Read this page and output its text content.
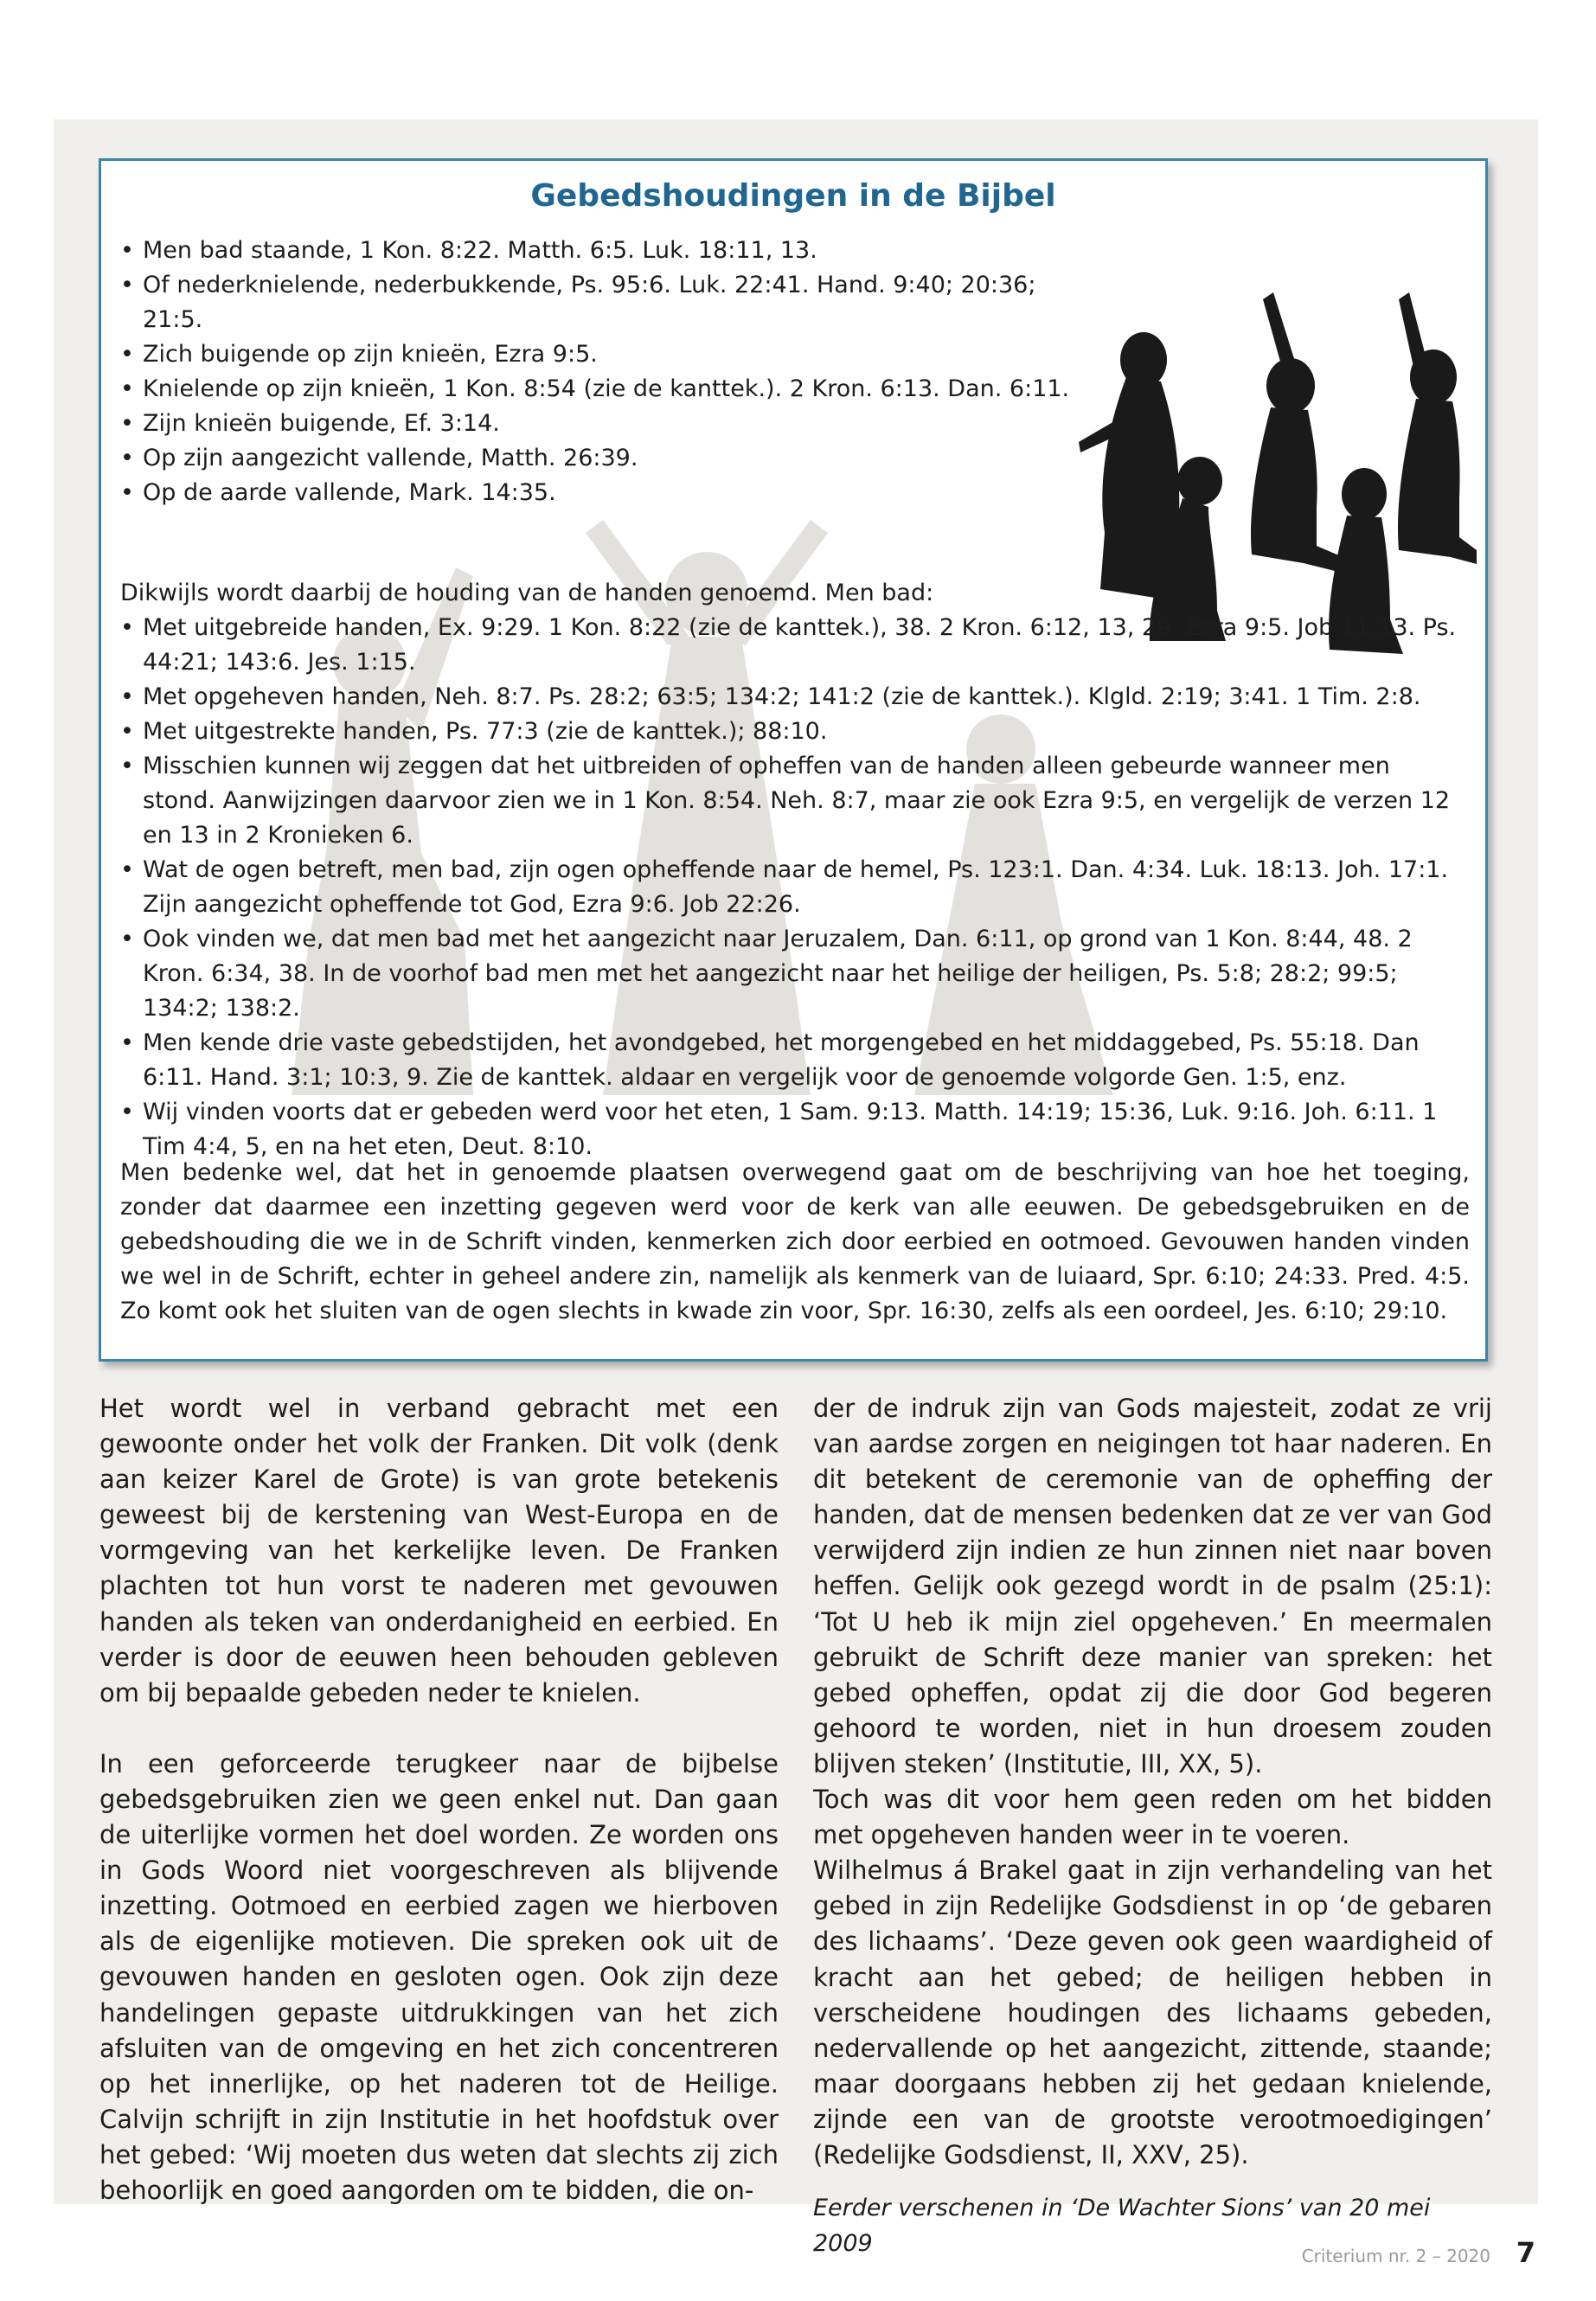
Gebedshoudingen in de Bijbel
• Men bad staande, 1 Kon. 8:22. Matth. 6:5. Luk. 18:11, 13.
• Of nederknielende, nederbukkende, Ps. 95:6. Luk. 22:41. Hand. 9:40; 20:36; 21:5.
• Zich buigende op zijn knieën, Ezra 9:5.
• Knielende op zijn knieën, 1 Kon. 8:54 (zie de kanttek.). 2 Kron. 6:13. Dan. 6:11.
• Zijn knieën buigende, Ef. 3:14.
• Op zijn aangezicht vallende, Matth. 26:39.
• Op de aarde vallende, Mark. 14:35.

Dikwijls wordt daarbij de houding van de handen genoemd. Men bad:

• Met uitgebreide handen, Ex. 9:29. 1 Kon. 8:22 (zie de kanttek.), 38. 2 Kron. 6:12, 13, 29. Ezra 9:5. Job 11:13. Ps. 44:21; 143:6. Jes. 1:15.
• Met opgeheven handen, Neh. 8:7. Ps. 28:2; 63:5; 134:2; 141:2 (zie de kanttek.). Klgld. 2:19; 3:41. 1 Tim. 2:8.
• Met uitgestrekte handen, Ps. 77:3 (zie de kanttek.); 88:10.
• Misschien kunnen wij zeggen dat het uitbreiden of opheffen van de handen alleen gebeurde wanneer men stond. Aanwijzingen daarvoor zien we in 1 Kon. 8:54. Neh. 8:7, maar zie ook Ezra 9:5, en vergelijk de verzen 12 en 13 in 2 Kronieken 6.
• Wat de ogen betreft, men bad, zijn ogen opheffende naar de hemel, Ps. 123:1. Dan. 4:34. Luk. 18:13. Joh. 17:1. Zijn aangezicht opheffende tot God, Ezra 9:6. Job 22:26.
• Ook vinden we, dat men bad met het aangezicht naar Jeruzalem, Dan. 6:11, op grond van 1 Kon. 8:44, 48. 2 Kron. 6:34, 38. In de voorhof bad men met het aangezicht naar het heilige der heiligen, Ps. 5:8; 28:2; 99:5; 134:2; 138:2.
• Men kende drie vaste gebedstijden, het avondgebed, het morgengebed en het middaggebed, Ps. 55:18. Dan 6:11. Hand. 3:1; 10:3, 9. Zie de kanttek. aldaar en vergelijk voor de genoemde volgorde Gen. 1:5, enz.
• Wij vinden voorts dat er gebeden werd voor het eten, 1 Sam. 9:13. Matth. 14:19; 15:36, Luk. 9:16. Joh. 6:11. 1 Tim 4:4, 5, en na het eten, Deut. 8:10.

Men bedenke wel, dat het in genoemde plaatsen overwegend gaat om de beschrijving van hoe het toeging, zonder dat daarmee een inzetting gegeven werd voor de kerk van alle eeuwen. De gebedsgebruiken en de gebedshouding die we in de Schrift vinden, kenmerken zich door eerbied en ootmoed. Gevouwen handen vinden we wel in de Schrift, echter in geheel andere zin, namelijk als kenmerk van de luiaard, Spr. 6:10; 24:33. Pred. 4:5. Zo komt ook het sluiten van de ogen slechts in kwade zin voor, Spr. 16:30, zelfs als een oordeel, Jes. 6:10; 29:10.

Het wordt wel in verband gebracht met een gewoonte onder het volk der Franken. Dit volk (denk aan keizer Karel de Grote) is van grote betekenis geweest bij de kerstening van West-Europa en de vormgeving van het kerkelijke leven. De Franken plachten tot hun vorst te naderen met gevouwen handen als teken van onderdanigheid en eerbied. En verder is door de eeuwen heen behouden gebleven om bij bepaalde gebeden neder te knielen.

In een geforceerde terugkeer naar de bijbelse gebedsgebruiken zien we geen enkel nut. Dan gaan de uiterlijke vormen het doel worden. Ze worden ons in Gods Woord niet voorgeschreven als blijvende inzetting. Ootmoed en eerbied zagen we hierboven als de eigenlijke motieven. Die spreken ook uit de gevouwen handen en gesloten ogen. Ook zijn deze handelingen gepaste uitdrukkingen van het zich afsluiten van de omgeving en het zich concentreren op het innerlijke, op het naderen tot de Heilige. Calvijn schrijft in zijn Institutie in het hoofdstuk over het gebed: ‘Wij moeten dus weten dat slechts zij zich behoorlijk en goed aangorden om te bidden, die on-

der de indruk zijn van Gods majesteit, zodat ze vrij van aardse zorgen en neigingen tot haar naderen. En dit betekent de ceremonie van de opheffing der handen, dat de mensen bedenken dat ze ver van God verwijderd zijn indien ze hun zinnen niet naar boven heffen. Gelijk ook gezegd wordt in de psalm (25:1): ‘Tot U heb ik mijn ziel opgeheven.’ En meermalen gebruikt de Schrift deze manier van spreken: het gebed opheffen, opdat zij die door God begeren gehoord te worden, niet in hun droesem zouden blijven steken’ (Institutie, III, XX, 5).

Toch was dit voor hem geen reden om het bidden met opgeheven handen weer in te voeren.

Wilhelmus á Brakel gaat in zijn verhandeling van het gebed in zijn Redelijke Godsdienst in op ‘de gebaren des lichaams’. ‘Deze geven ook geen waardigheid of kracht aan het gebed; de heiligen hebben in verscheidene houdingen des lichaams gebeden, nedervallende op het aangezicht, zittende, staande; maar doorgaans hebben zij het gedaan knielende, zijnde een van de grootste verootmoedigingen’ (Redelijke Godsdienst, II, XXV, 25).

Eerder verschenen in ‘De Wachter Sions’ van 20 mei 2009	Criterium nr. 2 – 2020 7
